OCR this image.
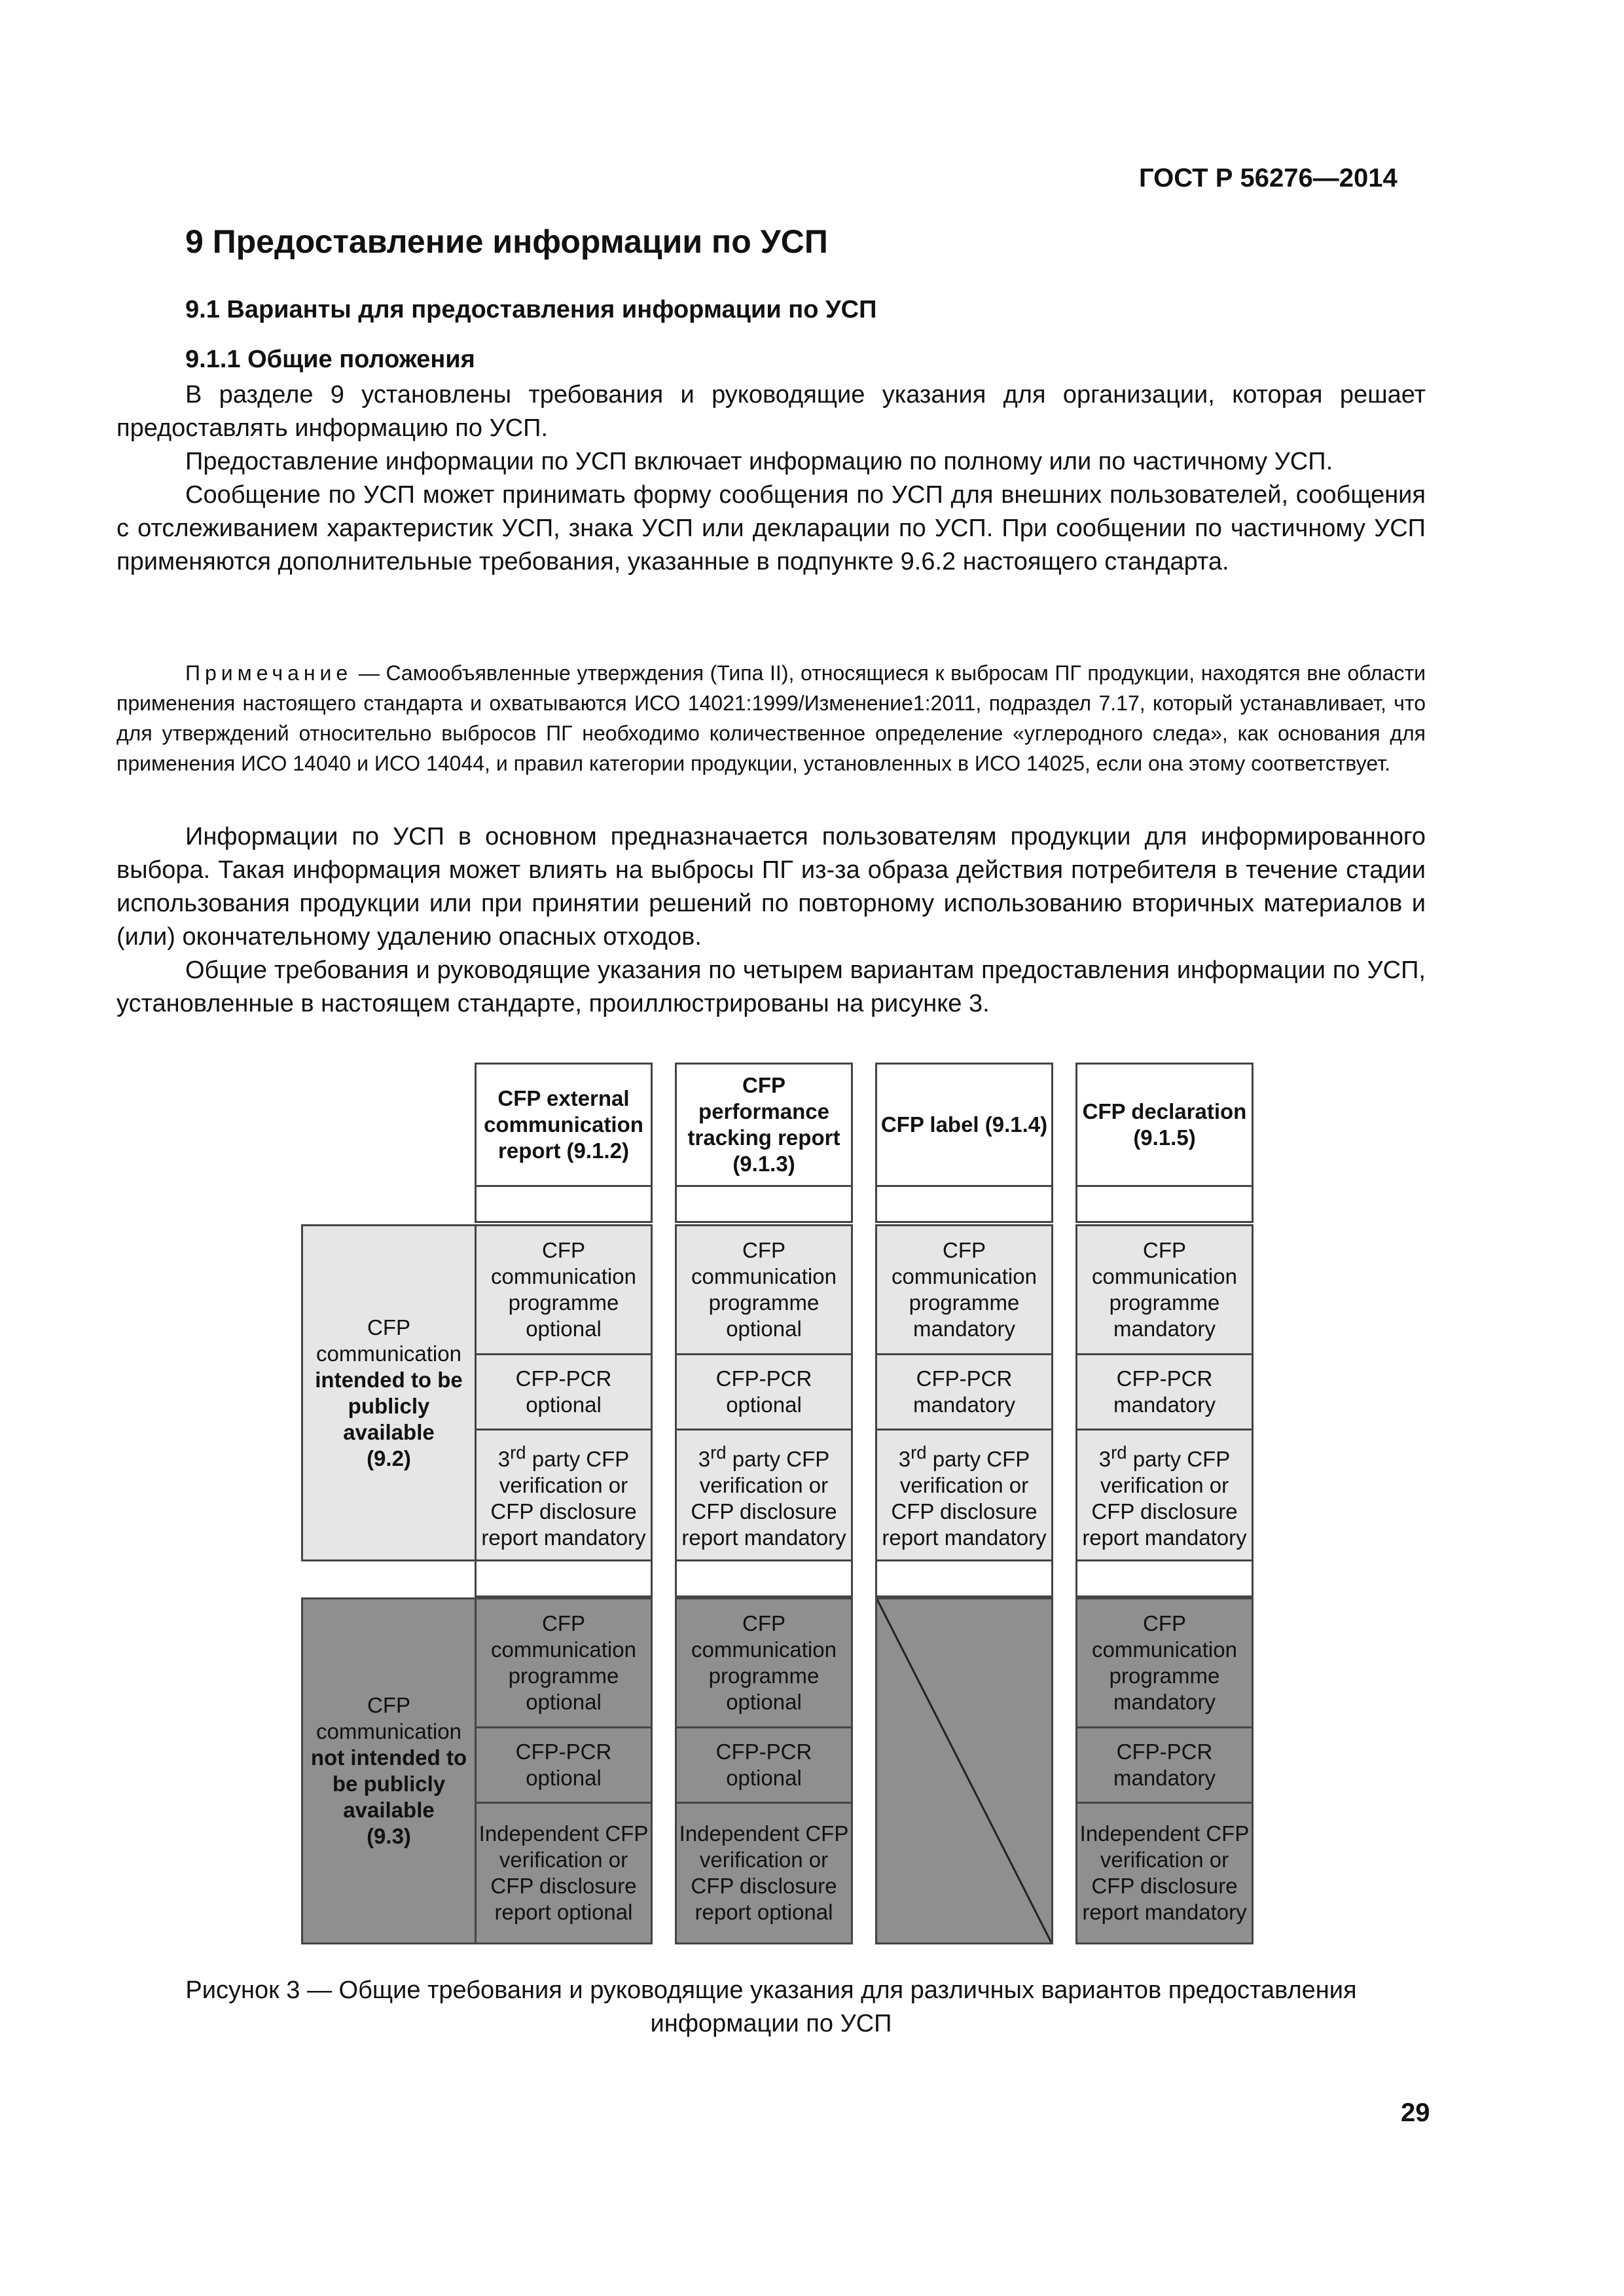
ГОСТ Р 56276—2014
9 Предоставление информации по УСП
9.1 Варианты для предоставления информации по УСП
9.1.1 Общие положения

В разделе 9 установлены требования и руководящие указания для организации, которая решает предоставлять информацию по УСП.

Предоставление информации по УСП включает информацию по полному или по частичному УСП.

Сообщение по УСП может принимать форму сообщения по УСП для внешних пользователей, сообщения с отслеживанием характеристик УСП, знака УСП или декларации по УСП. При сообщении по частичному УСП применяются дополнительные требования, указанные в подпункте 9.6.2 настоящего стандарта.

Примечание — Самообъявленные утверждения (Типа II), относящиеся к выбросам ПГ продукции, находятся вне области применения настоящего стандарта и охватываются ИСО 14021:1999/Изменение1:2011, подраздел 7.17, который устанавливает, что для утверждений относительно выбросов ПГ необходимо количественное определение «углеродного следа», как основания для применения ИСО 14040 и ИСО 14044, и правил категории продукции, установленных в ИСО 14025, если она этому соответствует.

Информации по УСП в основном предназначается пользователям продукции для информированного выбора. Такая информация может влиять на выбросы ПГ из-за образа действия потребителя в течение стадии использования продукции или при принятии решений по повторному использованию вторичных материалов и (или) окончательному удалению опасных отходов.

Общие требования и руководящие указания по четырем вариантам предоставления информации по УСП, установленные в настоящем стандарте, проиллюстрированы на рисунке 3.

CFP external communication report (9.1.2)
CFP performance tracking report (9.1.3)
CFP label (9.1.4)
CFP declaration (9.1.5)
CFP communication
intended to be publicly available
(9.2)
CFP communication programme optional
CFP communication programme optional
CFP communication programme mandatory
CFP communication programme mandatory
CFP-PCR optional
CFP-PCR optional
CFP-PCR mandatory
CFP-PCR mandatory
3rd party CFP verification or CFP disclosure report mandatory
3rd party CFP verification or CFP disclosure report mandatory
3rd party CFP verification or CFP disclosure report mandatory
3rd party CFP verification or CFP disclosure report mandatory
CFP communication
not intended to be publicly available
(9.3)
CFP communication programme optional
CFP-PCR optional
Independent CFP verification or CFP disclosure report optional
CFP communication programme optional
CFP-PCR optional
Independent CFP verification or CFP disclosure report optional
CFP communication programme mandatory
CFP-PCR mandatory
Independent CFP verification or CFP disclosure report mandatory
Рисунок 3 — Общие требования и руководящие указания для различных вариантов предоставления информации по УСП
29
